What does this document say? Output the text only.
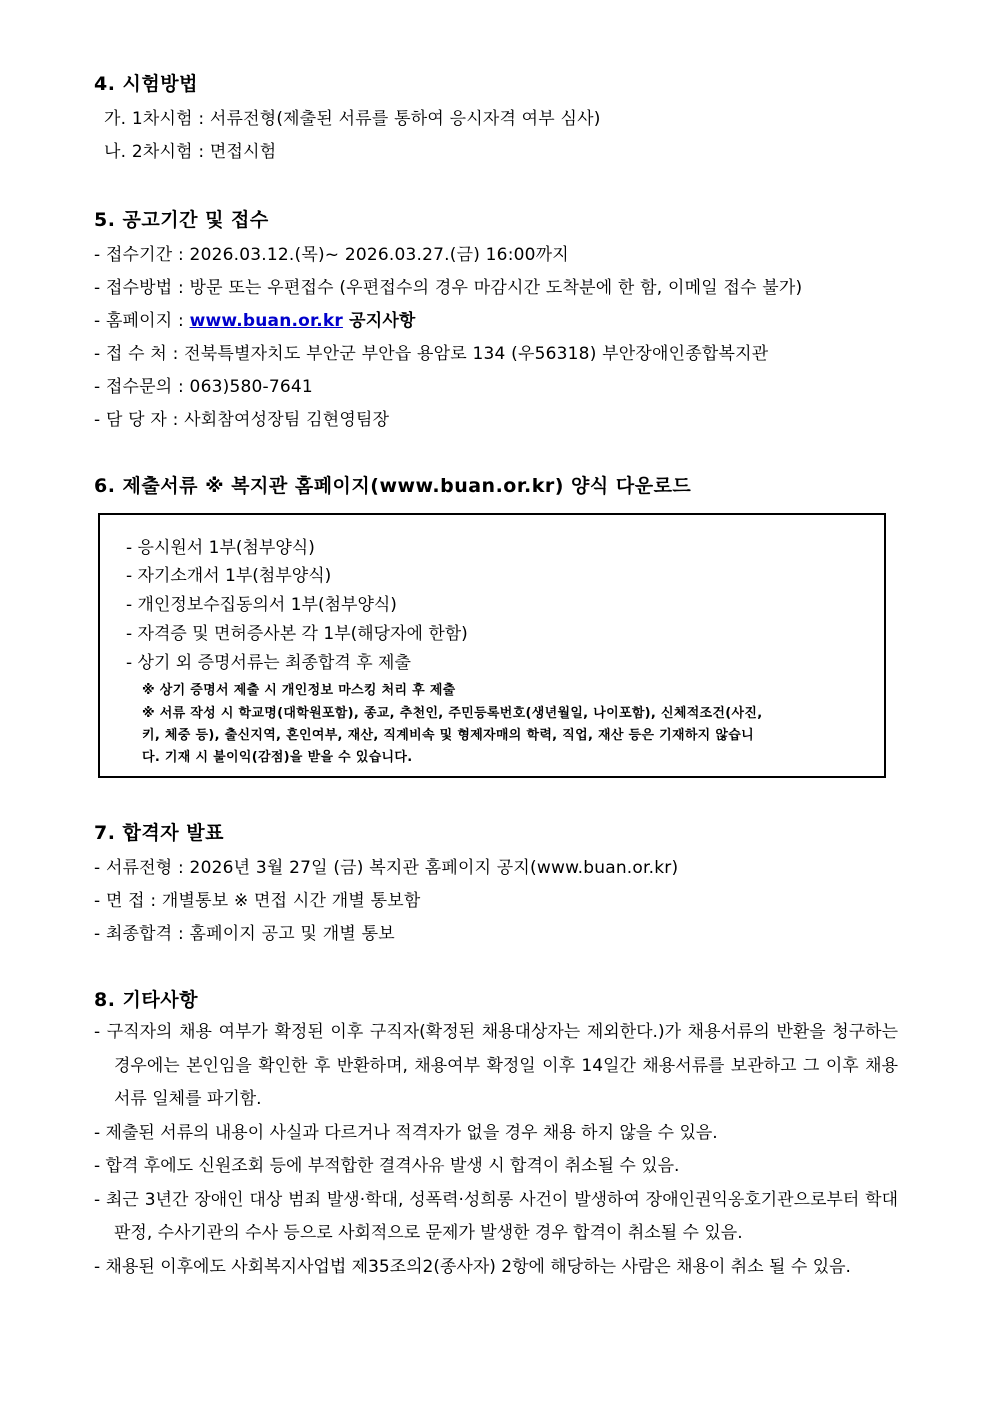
4. 시험방법
가. 1차시험 : 서류전형(제출된 서류를 통하여 응시자격 여부 심사)
나. 2차시험 : 면접시험
5. 공고기간 및 접수
- 접수기간 : 2026.03.12.(목)~ 2026.03.27.(금) 16:00까지
- 접수방법 : 방문 또는 우편접수 (우편접수의 경우 마감시간 도착분에 한 함, 이메일 접수 불가)
- 홈페이지 : www.buan.or.kr 공지사항
- 접 수 처 : 전북특별자치도 부안군 부안읍 용암로 134 (우56318) 부안장애인종합복지관
- 접수문의 : 063)580-7641
- 담 당 자 : 사회참여성장팀 김현영팀장
6. 제출서류 ※ 복지관 홈페이지(www.buan.or.kr) 양식 다운로드
- 응시원서 1부(첨부양식)
- 자기소개서 1부(첨부양식)
- 개인정보수집동의서 1부(첨부양식)
- 자격증 및 면허증사본 각 1부(해당자에 한함)
- 상기 외 증명서류는 최종합격 후 제출
※ 상기 증명서 제출 시 개인정보 마스킹 처리 후 제출
※ 서류 작성 시 학교명(대학원포함), 종교, 추천인, 주민등록번호(생년월일, 나이포함), 신체적조건(사진,
키, 체중 등), 출신지역, 혼인여부, 재산, 직계비속 및 형제자매의 학력, 직업, 재산 등은 기재하지 않습니
다. 기재 시 불이익(감점)을 받을 수 있습니다.
7. 합격자 발표
- 서류전형 : 2026년 3월 27일 (금) 복지관 홈페이지 공지(www.buan.or.kr)
- 면 접 : 개별통보 ※ 면접 시간 개별 통보함
- 최종합격 : 홈페이지 공고 및 개별 통보
8. 기타사항
- 구직자의 채용 여부가 확정된 이후 구직자(확정된 채용대상자는 제외한다.)가 채용서류의 반환을 청구하는 경우에는 본인임을 확인한 후 반환하며, 채용여부 확정일 이후 14일간 채용서류를 보관하고 그 이후 채용서류 일체를 파기함.
- 제출된 서류의 내용이 사실과 다르거나 적격자가 없을 경우 채용 하지 않을 수 있음.
- 합격 후에도 신원조회 등에 부적합한 결격사유 발생 시 합격이 취소될 수 있음.
- 최근 3년간 장애인 대상 범죄 발생·학대, 성폭력·성희롱 사건이 발생하여 장애인권익옹호기관으로부터 학대판정, 수사기관의 수사 등으로 사회적으로 문제가 발생한 경우 합격이 취소될 수 있음.
- 채용된 이후에도 사회복지사업법 제35조의2(종사자) 2항에 해당하는 사람은 채용이 취소 될 수 있음.
